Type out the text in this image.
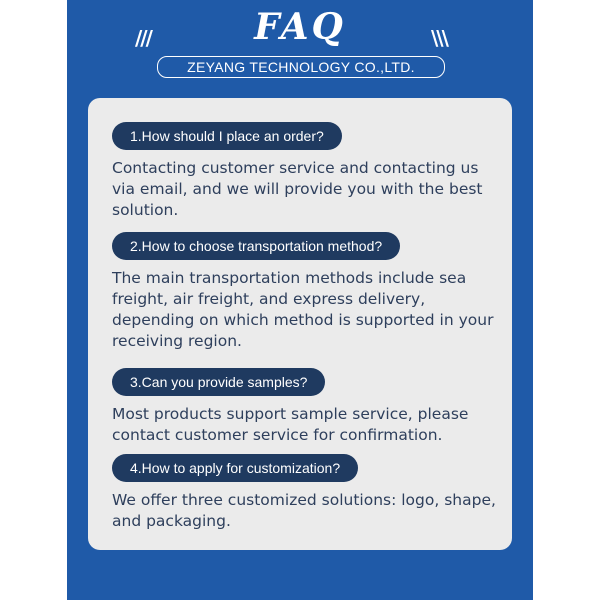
///	FAQ	\\\
ZEYANG TECHNOLOGY CO.,LTD.
1.How should I place an order?
Contacting customer service and contacting us via email, and we will provide you with the best solution.
2.How to choose transportation method?
The main transportation methods include sea freight, air freight, and express delivery, depending on which method is supported in your receiving region.
3.Can you provide samples?
Most products support sample service, please contact customer service for confirmation.
4.How to apply for customization?
We offer three customized solutions: logo, shape, and packaging.
